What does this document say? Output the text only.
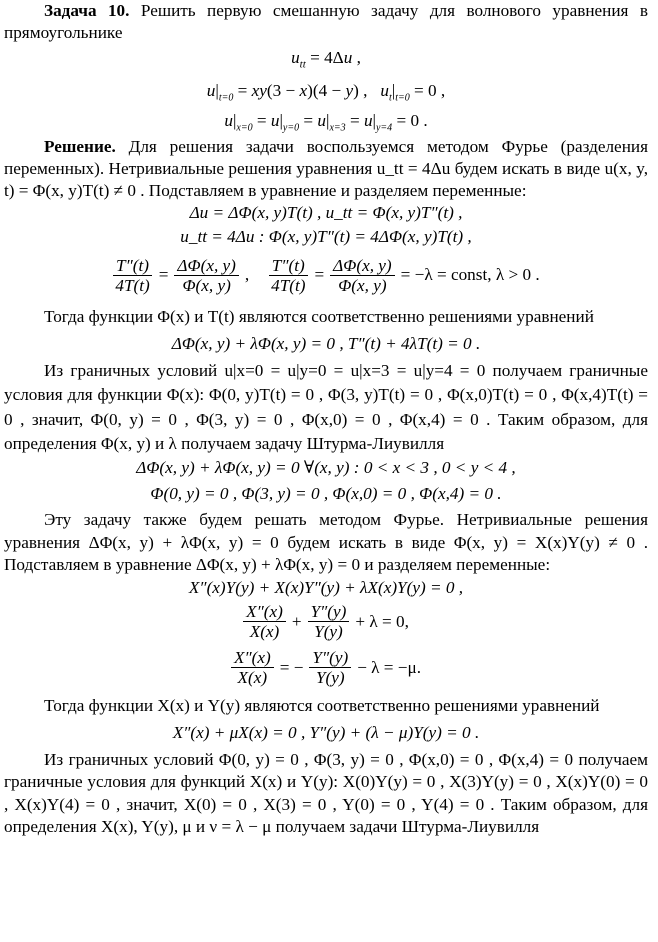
Задача 10. Решить первую смешанную задачу для волнового уравнения в прямоугольнике

$u_{tt} = 4\Delta u$ ,
$u|_{t=0} = xy(3 - x)(4 - y)$ ,   $u_t|_{t=0} = 0$ ,
$u|_{x=0} = u|_{y=0} = u|_{x=3} = u|_{y=4} = 0$ .

Решение. Для решения задачи воспользуемся методом Фурье (разделения переменных). Нетривиальные решения уравнения u_tt = 4Δu будем искать в виде u(x, y, t) = Φ(x, y)T(t) ≠ 0 . Подставляем в уравнение и разделяем переменные:

Δu = ΔΦ(x, y)T(t) , u_tt = Φ(x, y)T″(t) ,
u_tt = 4Δu : Φ(x, y)T″(t) = 4ΔΦ(x, y)T(t) ,
$\frac{T''(t)}{4T(t)} = \frac{\Delta\Phi(x, y)}{\Phi(x, y)}$ , $\frac{T''(t)}{4T(t)} = \frac{\Delta\Phi(x, y)}{\Phi(x, y)} = -\lambda$ = const, λ > 0 .

Тогда функции Φ(x) и T(t) являются соответственно решениями уравнений

ΔΦ(x, y) + λΦ(x, y) = 0 , T″(t) + 4λT(t) = 0 .

Из граничных условий u|x=0 = u|y=0 = u|x=3 = u|y=4 = 0 получаем граничные условия для функции Φ(x): Φ(0, y)T(t) = 0 , Φ(3, y)T(t) = 0 , Φ(x,0)T(t) = 0 , Φ(x,4)T(t) = 0 , значит, Φ(0, y) = 0 , Φ(3, y) = 0 , Φ(x,0) = 0 , Φ(x,4) = 0 . Таким образом, для определения Φ(x, y) и λ получаем задачу Штурма-Лиувилля

ΔΦ(x, y) + λΦ(x, y) = 0 ∀(x, y) : 0 < x < 3 , 0 < y < 4 ,
Φ(0, y) = 0 , Φ(3, y) = 0 , Φ(x,0) = 0 , Φ(x,4) = 0 .

Эту задачу также будем решать методом Фурье. Нетривиальные решения уравнения ΔΦ(x, y) + λΦ(x, y) = 0 будем искать в виде Φ(x, y) = X(x)Y(y) ≠ 0 . Подставляем в уравнение ΔΦ(x, y) + λΦ(x, y) = 0 и разделяем переменные:

X″(x)Y(y) + X(x)Y″(y) + λX(x)Y(y) = 0 ,
$\frac{X''(x)}{X(x)} + \frac{Y''(y)}{Y(y)} + \lambda = 0$,
$\frac{X''(x)}{X(x)}$ = − $\frac{Y''(y)}{Y(y)} - \lambda = -\mu$.

Тогда функции X(x) и Y(y) являются соответственно решениями уравнений

X″(x) + μX(x) = 0 , Y″(y) + (λ − μ)Y(y) = 0 .

Из граничных условий Φ(0, y) = 0 , Φ(3, y) = 0 , Φ(x,0) = 0 , Φ(x,4) = 0 получаем граничные условия для функций X(x) и Y(y): X(0)Y(y) = 0 , X(3)Y(y) = 0 , X(x)Y(0) = 0 , X(x)Y(4) = 0 , значит, X(0) = 0 , X(3) = 0 , Y(0) = 0 , Y(4) = 0 . Таким образом, для определения X(x), Y(y), μ и ν = λ − μ получаем задачи Штурма-Лиувилля
